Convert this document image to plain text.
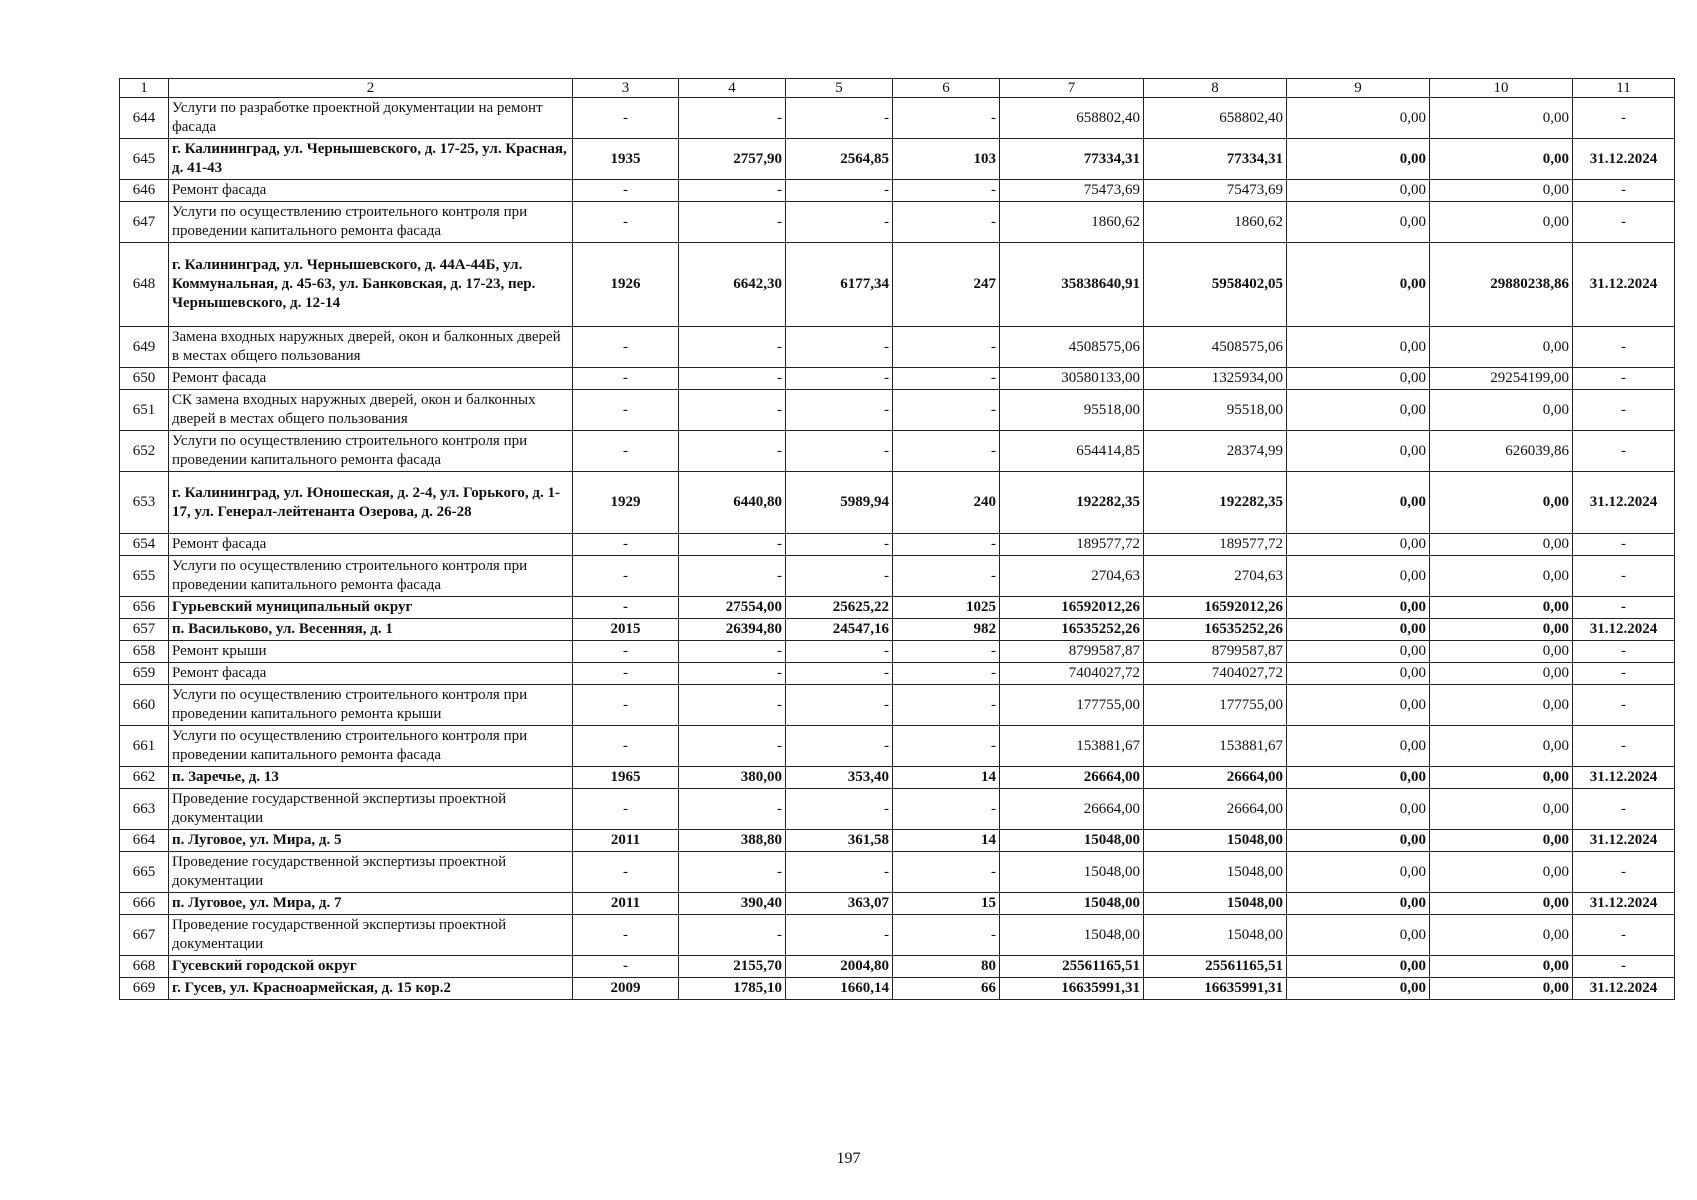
1	2	3	4	5	6	7	8	9	10	11
644	Услуги по разработке проектной документации на ремонт фасада	-	-	-	-	658802,40	658802,40	0,00	0,00	-
645	г. Калининград, ул. Чернышевского, д. 17-25, ул. Красная, д. 41-43	1935	2757,90	2564,85	103	77334,31	77334,31	0,00	0,00	31.12.2024
646	Ремонт фасада	-	-	-	-	75473,69	75473,69	0,00	0,00	-
647	Услуги по осуществлению строительного контроля при проведении капитального ремонта фасада	-	-	-	-	1860,62	1860,62	0,00	0,00	-
648	г. Калининград, ул. Чернышевского, д. 44А-44Б, ул. Коммунальная, д. 45-63, ул. Банковская, д. 17-23, пер. Чернышевского, д. 12-14	1926	6642,30	6177,34	247	35838640,91	5958402,05	0,00	29880238,86	31.12.2024
649	Замена входных наружных дверей, окон и балконных дверей в местах общего пользования	-	-	-	-	4508575,06	4508575,06	0,00	0,00	-
650	Ремонт фасада	-	-	-	-	30580133,00	1325934,00	0,00	29254199,00	-
651	СК замена входных наружных дверей, окон и балконных дверей в местах общего пользования	-	-	-	-	95518,00	95518,00	0,00	0,00	-
652	Услуги по осуществлению строительного контроля при проведении капитального ремонта фасада	-	-	-	-	654414,85	28374,99	0,00	626039,86	-
653	г. Калининград, ул. Юношеская, д. 2-4, ул. Горького, д. 1-17, ул. Генерал-лейтенанта Озерова, д. 26-28	1929	6440,80	5989,94	240	192282,35	192282,35	0,00	0,00	31.12.2024
654	Ремонт фасада	-	-	-	-	189577,72	189577,72	0,00	0,00	-
655	Услуги по осуществлению строительного контроля при проведении капитального ремонта фасада	-	-	-	-	2704,63	2704,63	0,00	0,00	-
656	Гурьевский муниципальный округ	-	27554,00	25625,22	1025	16592012,26	16592012,26	0,00	0,00	-
657	п. Васильково, ул. Весенняя, д. 1	2015	26394,80	24547,16	982	16535252,26	16535252,26	0,00	0,00	31.12.2024
658	Ремонт крыши	-	-	-	-	8799587,87	8799587,87	0,00	0,00	-
659	Ремонт фасада	-	-	-	-	7404027,72	7404027,72	0,00	0,00	-
660	Услуги по осуществлению строительного контроля при проведении капитального ремонта крыши	-	-	-	-	177755,00	177755,00	0,00	0,00	-
661	Услуги по осуществлению строительного контроля при проведении капитального ремонта фасада	-	-	-	-	153881,67	153881,67	0,00	0,00	-
662	п. Заречье, д. 13	1965	380,00	353,40	14	26664,00	26664,00	0,00	0,00	31.12.2024
663	Проведение государственной экспертизы проектной документации	-	-	-	-	26664,00	26664,00	0,00	0,00	-
664	п. Луговое, ул. Мира, д. 5	2011	388,80	361,58	14	15048,00	15048,00	0,00	0,00	31.12.2024
665	Проведение государственной экспертизы проектной документации	-	-	-	-	15048,00	15048,00	0,00	0,00	-
666	п. Луговое, ул. Мира, д. 7	2011	390,40	363,07	15	15048,00	15048,00	0,00	0,00	31.12.2024
667	Проведение государственной экспертизы проектной документации	-	-	-	-	15048,00	15048,00	0,00	0,00	-
668	Гусевский городской округ	-	2155,70	2004,80	80	25561165,51	25561165,51	0,00	0,00	-
669	г. Гусев, ул. Красноармейская, д. 15 кор.2	2009	1785,10	1660,14	66	16635991,31	16635991,31	0,00	0,00	31.12.2024
197
